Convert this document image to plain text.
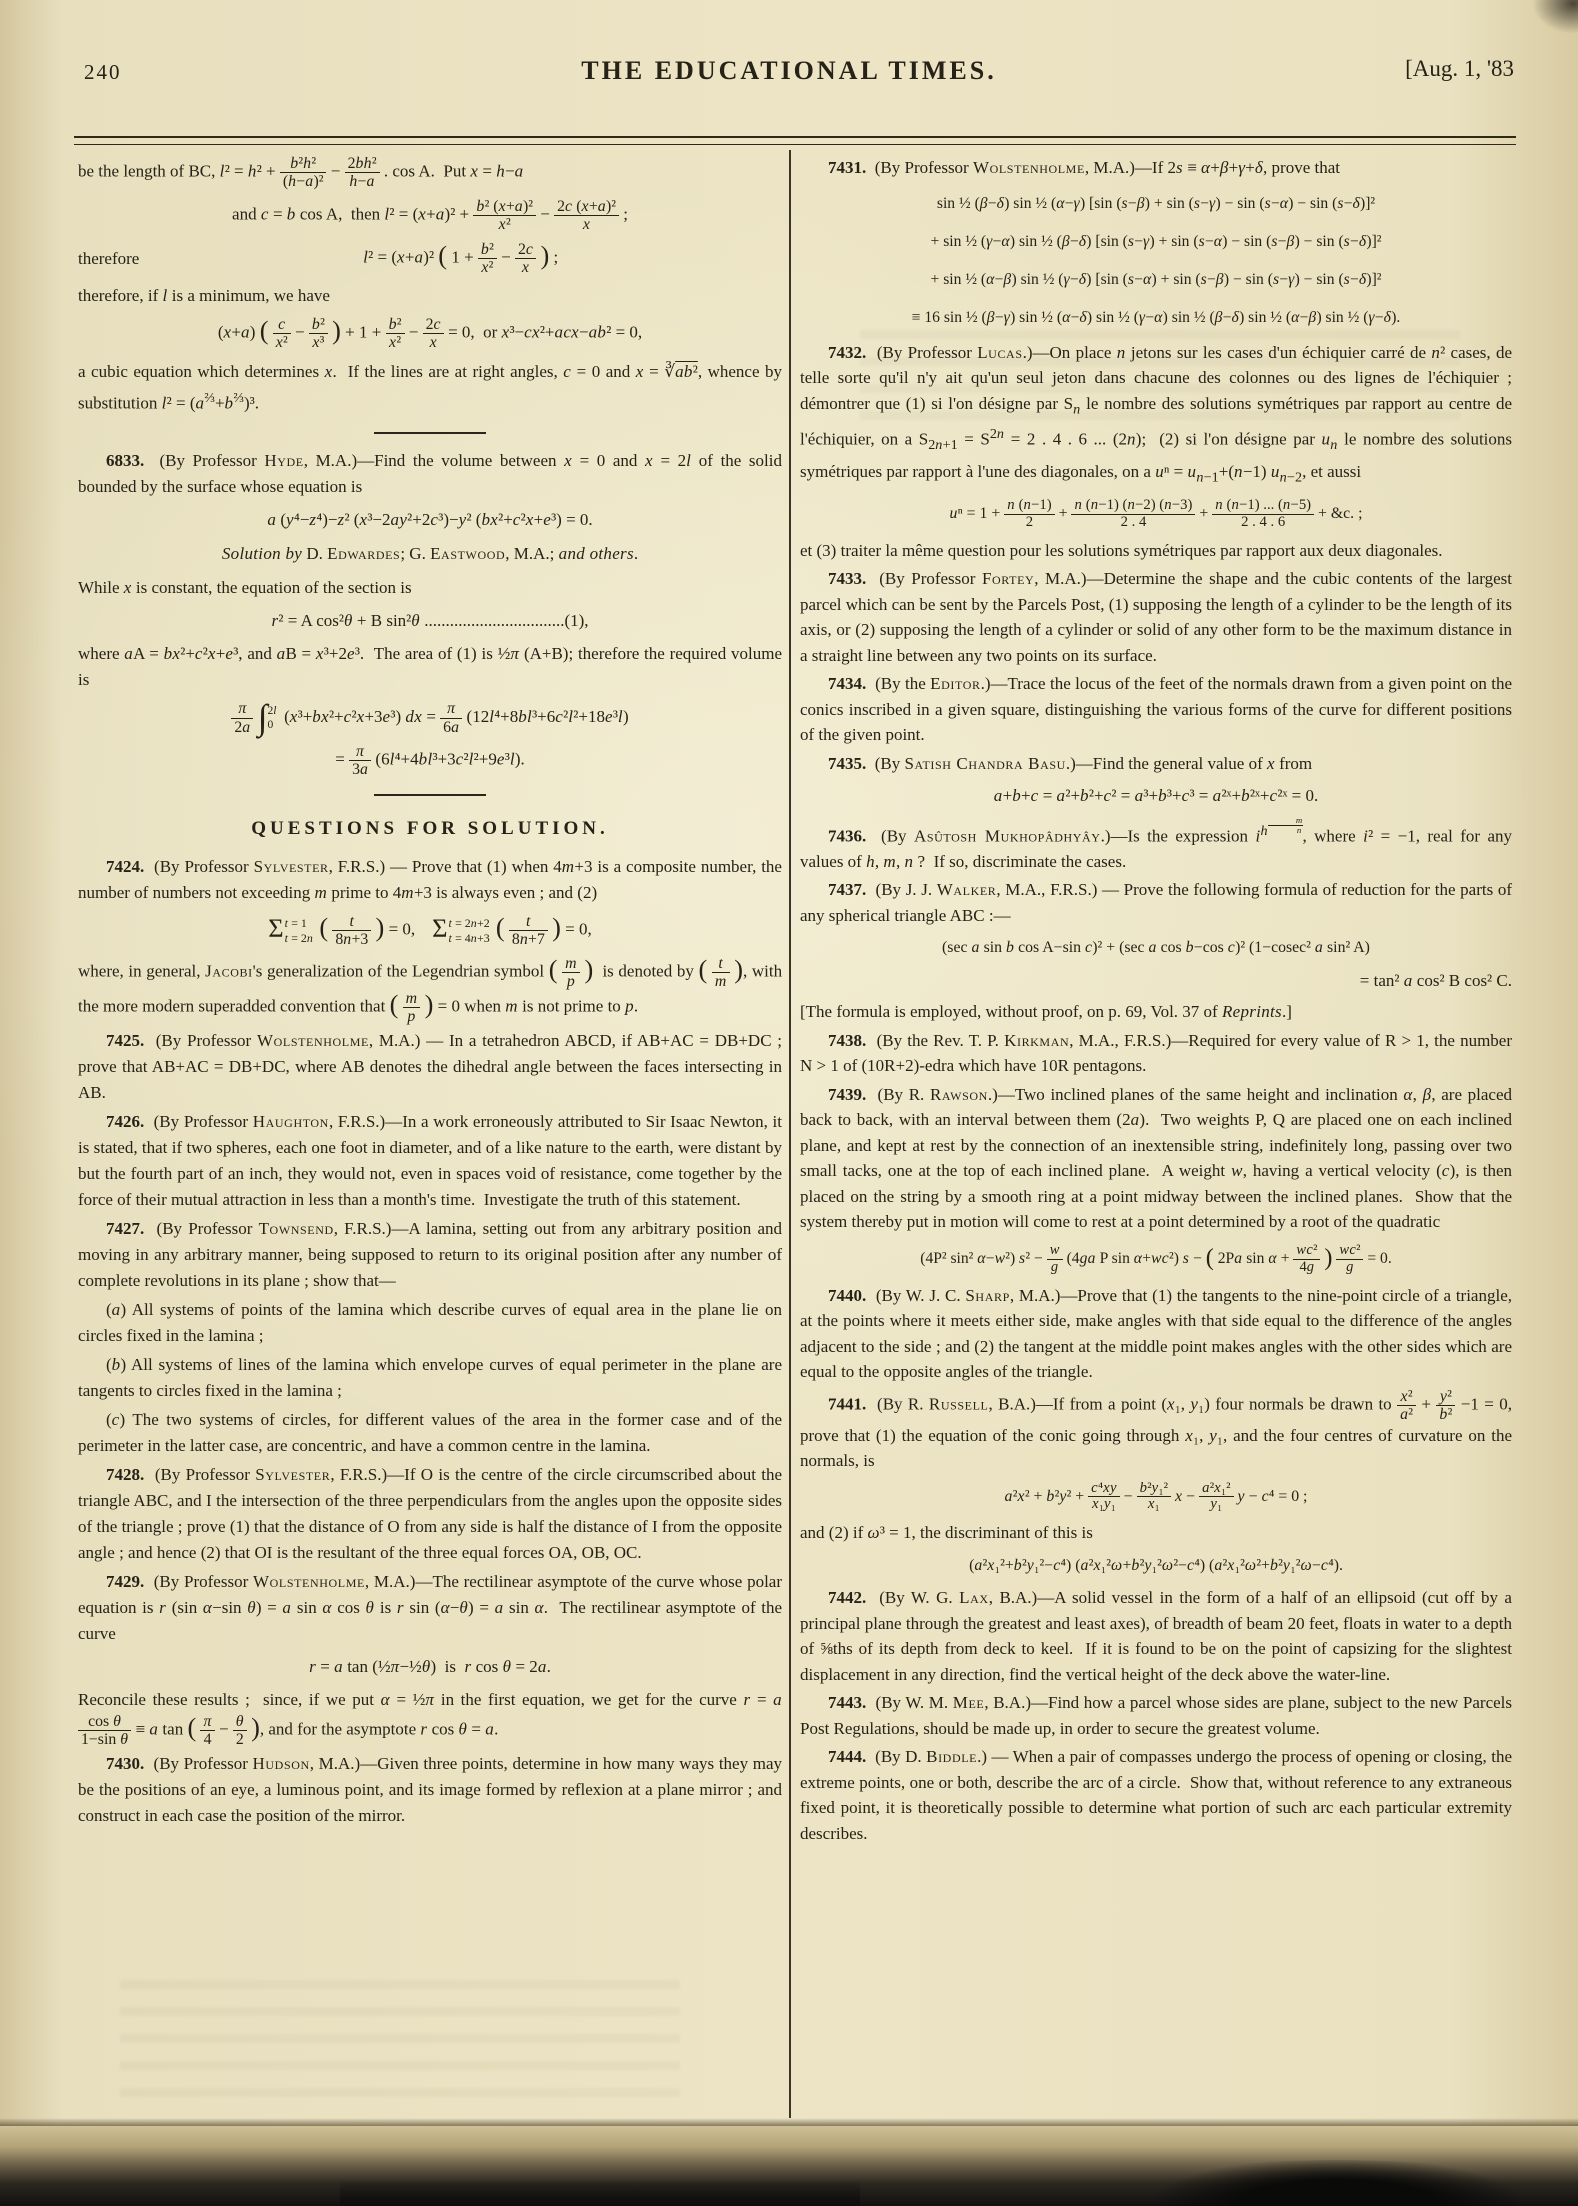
240	THE EDUCATIONAL TIMES.	[Aug. 1, '83
be the length of BC, $l^2 = h^2 + \frac{\text{b²h²}}{\text{(h−a)²}} - \frac{\text{2bh²}}{h-a}$ . cos A.  Put x = h−a
and c = b cos A,  then $l^2 = (x+a)^2 + \frac{\text{b² (x+a)²}}{\text{x²}} - \frac{\text{2c (x+a)²}}{x}$ ;
therefore	l² = (x+a)² ( $1 + \frac{\text{b²}}{\text{x²}} - \frac{2c}{x}$ ) ;
therefore, if l is a minimum, we have
(x+a) ( $\frac{c}{\text{x²}} - \frac{\text{b²}}{\text{x³}}$ ) + $1 + \frac{\text{b²}}{\text{x²}} - \frac{2c}{x} = 0$,  or x³−cx²+acx−ab² = 0,
a cubic equation which determines x.  If the lines are at right angles, c = 0 and x = ∛ab², whence by substitution $l^2 = (a^{\frac{2}{3}}+b^{\frac{2}{3}})^3$.
6833.  (By Professor Hyde, M.A.)—Find the volume between x = 0 and x = 2l of the solid bounded by the surface whose equation is
a (y⁴−z⁴)−z² (x³−2ay²+2c³)−y² (bx²+c²x+e³) = 0.
Solution by D. Edwardes; G. Eastwood, M.A.; and others.
While x is constant, the equation of the section is
r² = A cos²θ + B sin²θ .................................(1),
where aA = bx²+c²x+e³, and aB = x³+2e³.  The area of (1) is ½π (A+B); therefore the required volume is
$\frac{\pi}{2a}$ ∫ 2l
0 (x³+bx²+c²x+3e³) dx = $\frac{\pi}{6a} (12l^4+8bl^3+6c^2l^2+18e^3l)$
= $\frac{\pi}{3a} (6l^4+4bl^3+3c^2l^2+9e^3l)$.
QUESTIONS FOR SOLUTION.
7424.  (By Professor Sylvester, F.R.S.) — Prove that (1) when 4m+3 is a composite number, the number of numbers not exceeding m prime to 4m+3 is always even ; and (2)
Σ t = 1
t = 2n ( $\frac{t}{8n+3}$ ) = 0,    Σ t = 2n+2
t = 4n+3 ( $\frac{t}{8n+7}$ ) = 0,
where, in general, Jacobi's generalization of the Legendrian symbol ( $\frac{m}{p}$ )  is denoted by ( $\frac{t}{m}$ ), with the more modern superadded convention that ( $\frac{m}{p}$ ) = 0 when m is not prime to p.
7425.  (By Professor Wolstenholme, M.A.) — In a tetrahedron ABCD, if AB+AC = DB+DC ; prove that AB+AC = DB+DC, where AB denotes the dihedral angle between the faces intersecting in AB.
7426.  (By Professor Haughton, F.R.S.)—In a work erroneously attributed to Sir Isaac Newton, it is stated, that if two spheres, each one foot in diameter, and of a like nature to the earth, were distant by but the fourth part of an inch, they would not, even in spaces void of resistance, come together by the force of their mutual attraction in less than a month's time.  Investigate the truth of this statement.
7427.  (By Professor Townsend, F.R.S.)—A lamina, setting out from any arbitrary position and moving in any arbitrary manner, being supposed to return to its original position after any number of complete revolutions in its plane ; show that—
(a) All systems of points of the lamina which describe curves of equal area in the plane lie on circles fixed in the lamina ;
(b) All systems of lines of the lamina which envelope curves of equal perimeter in the plane are tangents to circles fixed in the lamina ;
(c) The two systems of circles, for different values of the area in the former case and of the perimeter in the latter case, are concentric, and have a common centre in the lamina.
7428.  (By Professor Sylvester, F.R.S.)—If O is the centre of the circle circumscribed about the triangle ABC, and I the intersection of the three perpendiculars from the angles upon the opposite sides of the triangle ; prove (1) that the distance of O from any side is half the distance of I from the opposite angle ; and hence (2) that OI is the resultant of the three equal forces OA, OB, OC.
7429.  (By Professor Wolstenholme, M.A.)—The rectilinear asymptote of the curve whose polar equation is r (sin α−sin θ) = a sin α cos θ is r sin (α−θ) = a sin α.  The rectilinear asymptote of the curve
r = a tan (½π−½θ)  is  r cos θ = 2a.
Reconcile these results ;  since, if we put α = ½π in the first equation, we get for the curve r = a
$\frac{\text{cos θ}}{\text{1−sin θ}} \equiv a$ tan ( $\frac{\pi}{4} - \frac{\theta}{2}$ ), and for the asymptote r cos θ = a.
7430.  (By Professor Hudson, M.A.)—Given three points, determine in how many ways they may be the positions of an eye, a luminous point, and its image formed by reflexion at a plane mirror ; and construct in each case the position of the mirror.
7431.  (By Professor Wolstenholme, M.A.)—If 2s ≡ α+β+γ+δ, prove that
sin ½ (β−δ) sin ½ (α−γ) [sin (s−β) + sin (s−γ) − sin (s−α) − sin (s−δ)]²
+ sin ½ (γ−α) sin ½ (β−δ) [sin (s−γ) + sin (s−α) − sin (s−β) − sin (s−δ)]²
+ sin ½ (α−β) sin ½ (γ−δ) [sin (s−α) + sin (s−β) − sin (s−γ) − sin (s−δ)]²
≡ 16 sin ½ (β−γ) sin ½ (α−δ) sin ½ (γ−α) sin ½ (β−δ) sin ½ (α−β) sin ½ (γ−δ).
7432.  (By Professor Lucas.)—On place n jetons sur les cases d'un échiquier carré de n² cases, de telle sorte qu'il n'y ait qu'un seul jeton dans chacune des colonnes ou des lignes de l'échiquier ; démontrer que (1) si l'on désigne par $S_n$ le nombre des solutions symétriques par rapport au centre de l'échiquier, on a $S_{2n+1} = S^{2n} = 2$ . 4 . 6 ... (2n);  (2) si l'on désigne par $u_n$ le nombre des solutions symétriques par rapport à l'une des diagonales, on a $u^n = u_{n-1}+(n-1)$ $u_{n-2}$, et aussi
$u^n = 1 + \frac{n (n-1)}{2} + \frac{n (n-1) (n-2) (n-3)}{2 . 4} + \frac{n (n-1) ... (n-5)}{2 . 4 . 6}$ + &c. ;
et (3) traiter la même question pour les solutions symétriques par rapport aux deux diagonales.
7433.  (By Professor Fortey, M.A.)—Determine the shape and the cubic contents of the largest parcel which can be sent by the Parcels Post, (1) supposing the length of a cylinder to be the length of its axis, or (2) supposing the length of a cylinder or solid of any other form to be the maximum distance in a straight line between any two points on its surface.
7434.  (By the Editor.)—Trace the locus of the feet of the normals drawn from a given point on the conics inscribed in a given square, distinguishing the various forms of the curve for different positions of the given point.
7435.  (By Satish Chandra Basu.)—Find the general value of x from
a+b+c = a²+b²+c² = a³+b³+c³ = a²ˣ+b²ˣ+c²ˣ = 0.
7436.  (By Asûtosh Mukhopâdhyây.)—Is the expression $i^{h \frac{m}{n}}$
, where i² = −1, real for any values of h, m, n ?  If so, discriminate the cases.
7437.  (By J. J. Walker, M.A., F.R.S.) — Prove the following formula of reduction for the parts of any spherical triangle ABC :—
(sec a sin b cos A−sin c)² + (sec a cos b−cos c)² (1−cosec² a sin² A)
= tan² a cos² B cos² C.
[The formula is employed, without proof, on p. 69, Vol. 37 of Reprints.]
7438.  (By the Rev. T. P. Kirkman, M.A., F.R.S.)—Required for every value of R > 1, the number N > 1 of (10R+2)-edra which have 10R pentagons.
7439.  (By R. Rawson.)—Two inclined planes of the same height and inclination α, β, are placed back to back, with an interval between them (2a).  Two weights P, Q are placed one on each inclined plane, and kept at rest by the connection of an inextensible string, indefinitely long, passing over two small tacks, one at the top of each inclined plane.  A weight w, having a vertical velocity (c), is then placed on the string by a smooth ring at a point midway between the inclined planes.  Show that the system thereby put in motion will come to rest at a point determined by a root of the quadratic
(4P² sin² α−w²) $s^2 - \frac{w}{g} (4ga$ P sin α+wc²) s − ( 2Pa $\sin \alpha + \frac{\text{wc²}}{4g}$ ) $\frac{\text{wc²}}{g} = 0$.
7440.  (By W. J. C. Sharp, M.A.)—Prove that (1) the tangents to the nine-point circle of a triangle, at the points where it meets either side, make angles with that side equal to the difference of the angles adjacent to the side ; and (2) the tangent at the middle point makes angles with the other sides which are equal to the opposite angles of the triangle.
7441.  (By R. Russell, B.A.)—If from a point (x₁, y₁) four normals be drawn to $\frac{\text{x²}}{\text{a²}} + \frac{\text{y²}}{\text{b²}} -1 = 0$, prove that (1) the equation of the conic going through x₁, y₁, and the four centres of curvature on the normals, is
$a^2x^2 + b^2y^2 + \frac{\text{c⁴xy}}{\text{x₁y₁}} - \frac{\text{b²y₁²}}{\text{x₁}}$ $x - \frac{\text{a²x₁²}}{\text{y₁}}$ y − c⁴ = 0 ;
and (2) if ω³ = 1, the discriminant of this is
(a²x₁²+b²y₁²−c⁴) (a²x₁²ω+b²y₁²ω²−c⁴) (a²x₁²ω²+b²y₁²ω−c⁴).
7442.  (By W. G. Lax, B.A.)—A solid vessel in the form of a half of an ellipsoid (cut off by a principal plane through the greatest and least axes), of breadth of beam 20 feet, floats in water to a depth of ⅝ths of its depth from deck to keel.  If it is found to be on the point of capsizing for the slightest displacement in any direction, find the vertical height of the deck above the water-line.
7443.  (By W. M. Mee, B.A.)—Find how a parcel whose sides are plane, subject to the new Parcels Post Regulations, should be made up, in order to secure the greatest volume.
7444.  (By D. Biddle.) — When a pair of compasses undergo the process of opening or closing, the extreme points, one or both, describe the arc of a circle.  Show that, without reference to any extraneous fixed point, it is theoretically possible to determine what portion of such arc each particular extremity describes.
